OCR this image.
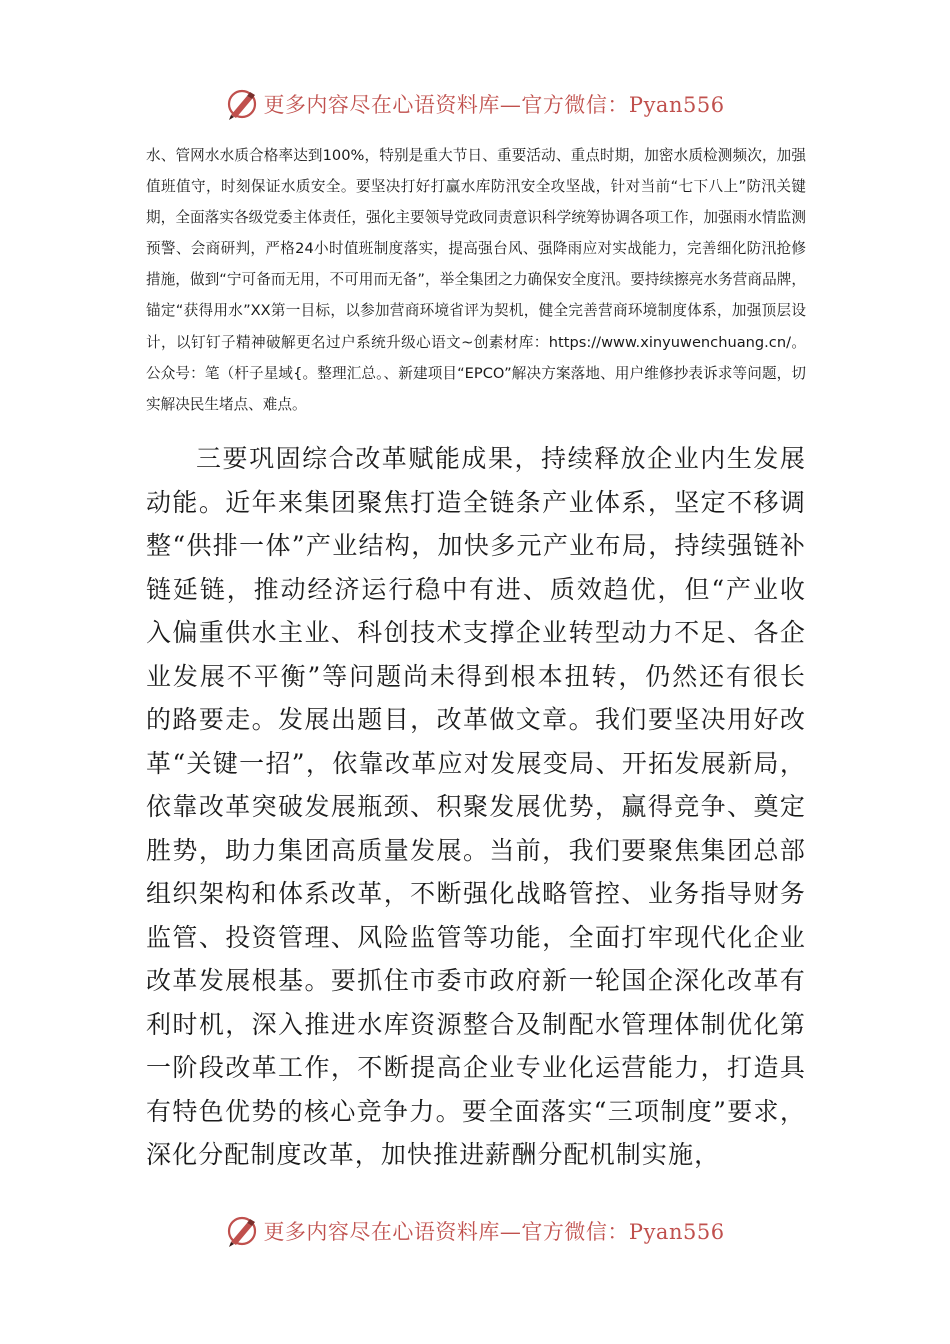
更多内容尽在心语资料库—官方微信：Pyan556

水、管网水水质合格率达到100%，特别是重大节日、重要活动、重点时期，加密水质检测频次，加强值班值守，时刻保证水质安全。要坚决打好打赢水库防汛安全攻坚战，针对当前“七下八上”防汛关键期，全面落实各级党委主体责任，强化主要领导党政同责意识科学统筹协调各项工作，加强雨水情监测预警、会商研判，严格24小时值班制度落实，提高强台风、强降雨应对实战能力，完善细化防汛抢修措施，做到“宁可备而无用，不可用而无备”，举全集团之力确保安全度汛。要持续擦亮水务营商品牌，锚定“获得用水”XX第一目标，以参加营商环境省评为契机，健全完善营商环境制度体系，加强顶层设计，以钉钉子精神破解更名过户系统升级心语文~创素材库：https://www.xinyuwenchuang.cn/。公众号：笔（杆子星域{。整理汇总。、新建项目“EPCO”解决方案落地、用户维修抄表诉求等问题，切实解决民生堵点、难点。

三要巩固综合改革赋能成果，持续释放企业内生发展动能。近年来集团聚焦打造全链条产业体系，坚定不移调整“供排一体”产业结构，加快多元产业布局，持续强链补链延链，推动经济运行稳中有进、质效趋优，但“产业收入偏重供水主业、科创技术支撑企业转型动力不足、各企业发展不平衡”等问题尚未得到根本扭转，仍然还有很长的路要走。发展出题目，改革做文章。我们要坚决用好改革“关键一招”，依靠改革应对发展变局、开拓发展新局，依靠改革突破发展瓶颈、积聚发展优势，赢得竞争、奠定胜势，助力集团高质量发展。当前，我们要聚焦集团总部组织架构和体系改革，不断强化战略管控、业务指导财务监管、投资管理、风险监管等功能，全面打牢现代化企业改革发展根基。要抓住市委市政府新一轮国企深化改革有利时机，深入推进水库资源整合及制配水管理体制优化第一阶段改革工作，不断提高企业专业化运营能力，打造具有特色优势的核心竞争力。要全面落实“三项制度”要求，深化分配制度改革，加快推进薪酬分配机制实施，

更多内容尽在心语资料库—官方微信：Pyan556
